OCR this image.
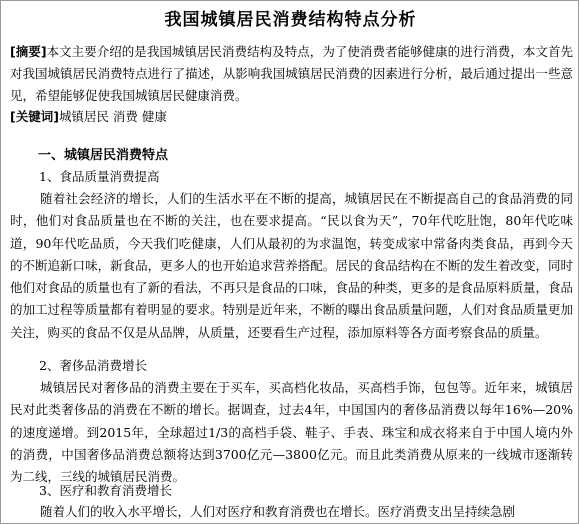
我国城镇居民消费结构特点分析
[摘要]本文主要介绍的是我国城镇居民消费结构及特点，为了使消费者能够健康的进行消费，本文首先对我国城镇居民消费特点进行了描述，从影响我国城镇居民消费的因素进行分析，最后通过提出一些意见，希望能够促使我国城镇居民健康消费。
[关键词]城镇居民 消费 健康
一、城镇居民消费特点
1、食品质量消费提高
随着社会经济的增长，人们的生活水平在不断的提高，城镇居民在不断提高自己的食品消费的同时，他们对食品质量也在不断的关注，也在要求提高。“民以食为天”，70年代吃肚饱，80年代吃味道，90年代吃品质，今天我们吃健康，人们从最初的为求温饱，转变成家中常备肉类食品，再到今天的不断追新口味，新食品，更多人的也开始追求营养搭配。居民的食品结构在不断的发生着改变，同时他们对食品的质量也有了新的看法，不再只是食品的口味，食品的种类，更多的是食品原料质量，食品的加工过程等质量都有着明显的要求。特别是近年来，不断的曝出食品质量问题，人们对食品质量更加关注，购买的食品不仅是从品牌，从质量，还要看生产过程，添加原料等各方面考察食品的质量。
2、奢侈品消费增长
城镇居民对奢侈品的消费主要在于买车，买高档化妆品，买高档手饰，包包等。近年来，城镇居民对此类奢侈品的消费在不断的增长。据调查，过去4年，中国国内的奢侈品消费以每年16%—20%的速度递增。到2015年，全球超过1/3的高档手袋、鞋子、手表、珠宝和成衣将来自于中国人境内外的消费，中国奢侈品消费总额将达到3700亿元—3800亿元。而且此类消费从原来的一线城市逐渐转为二线，三线的城镇居民消费。
3、医疗和教育消费增长
随着人们的收入水平增长，人们对医疗和教育消费也在增长。医疗消费支出呈持续急剧
